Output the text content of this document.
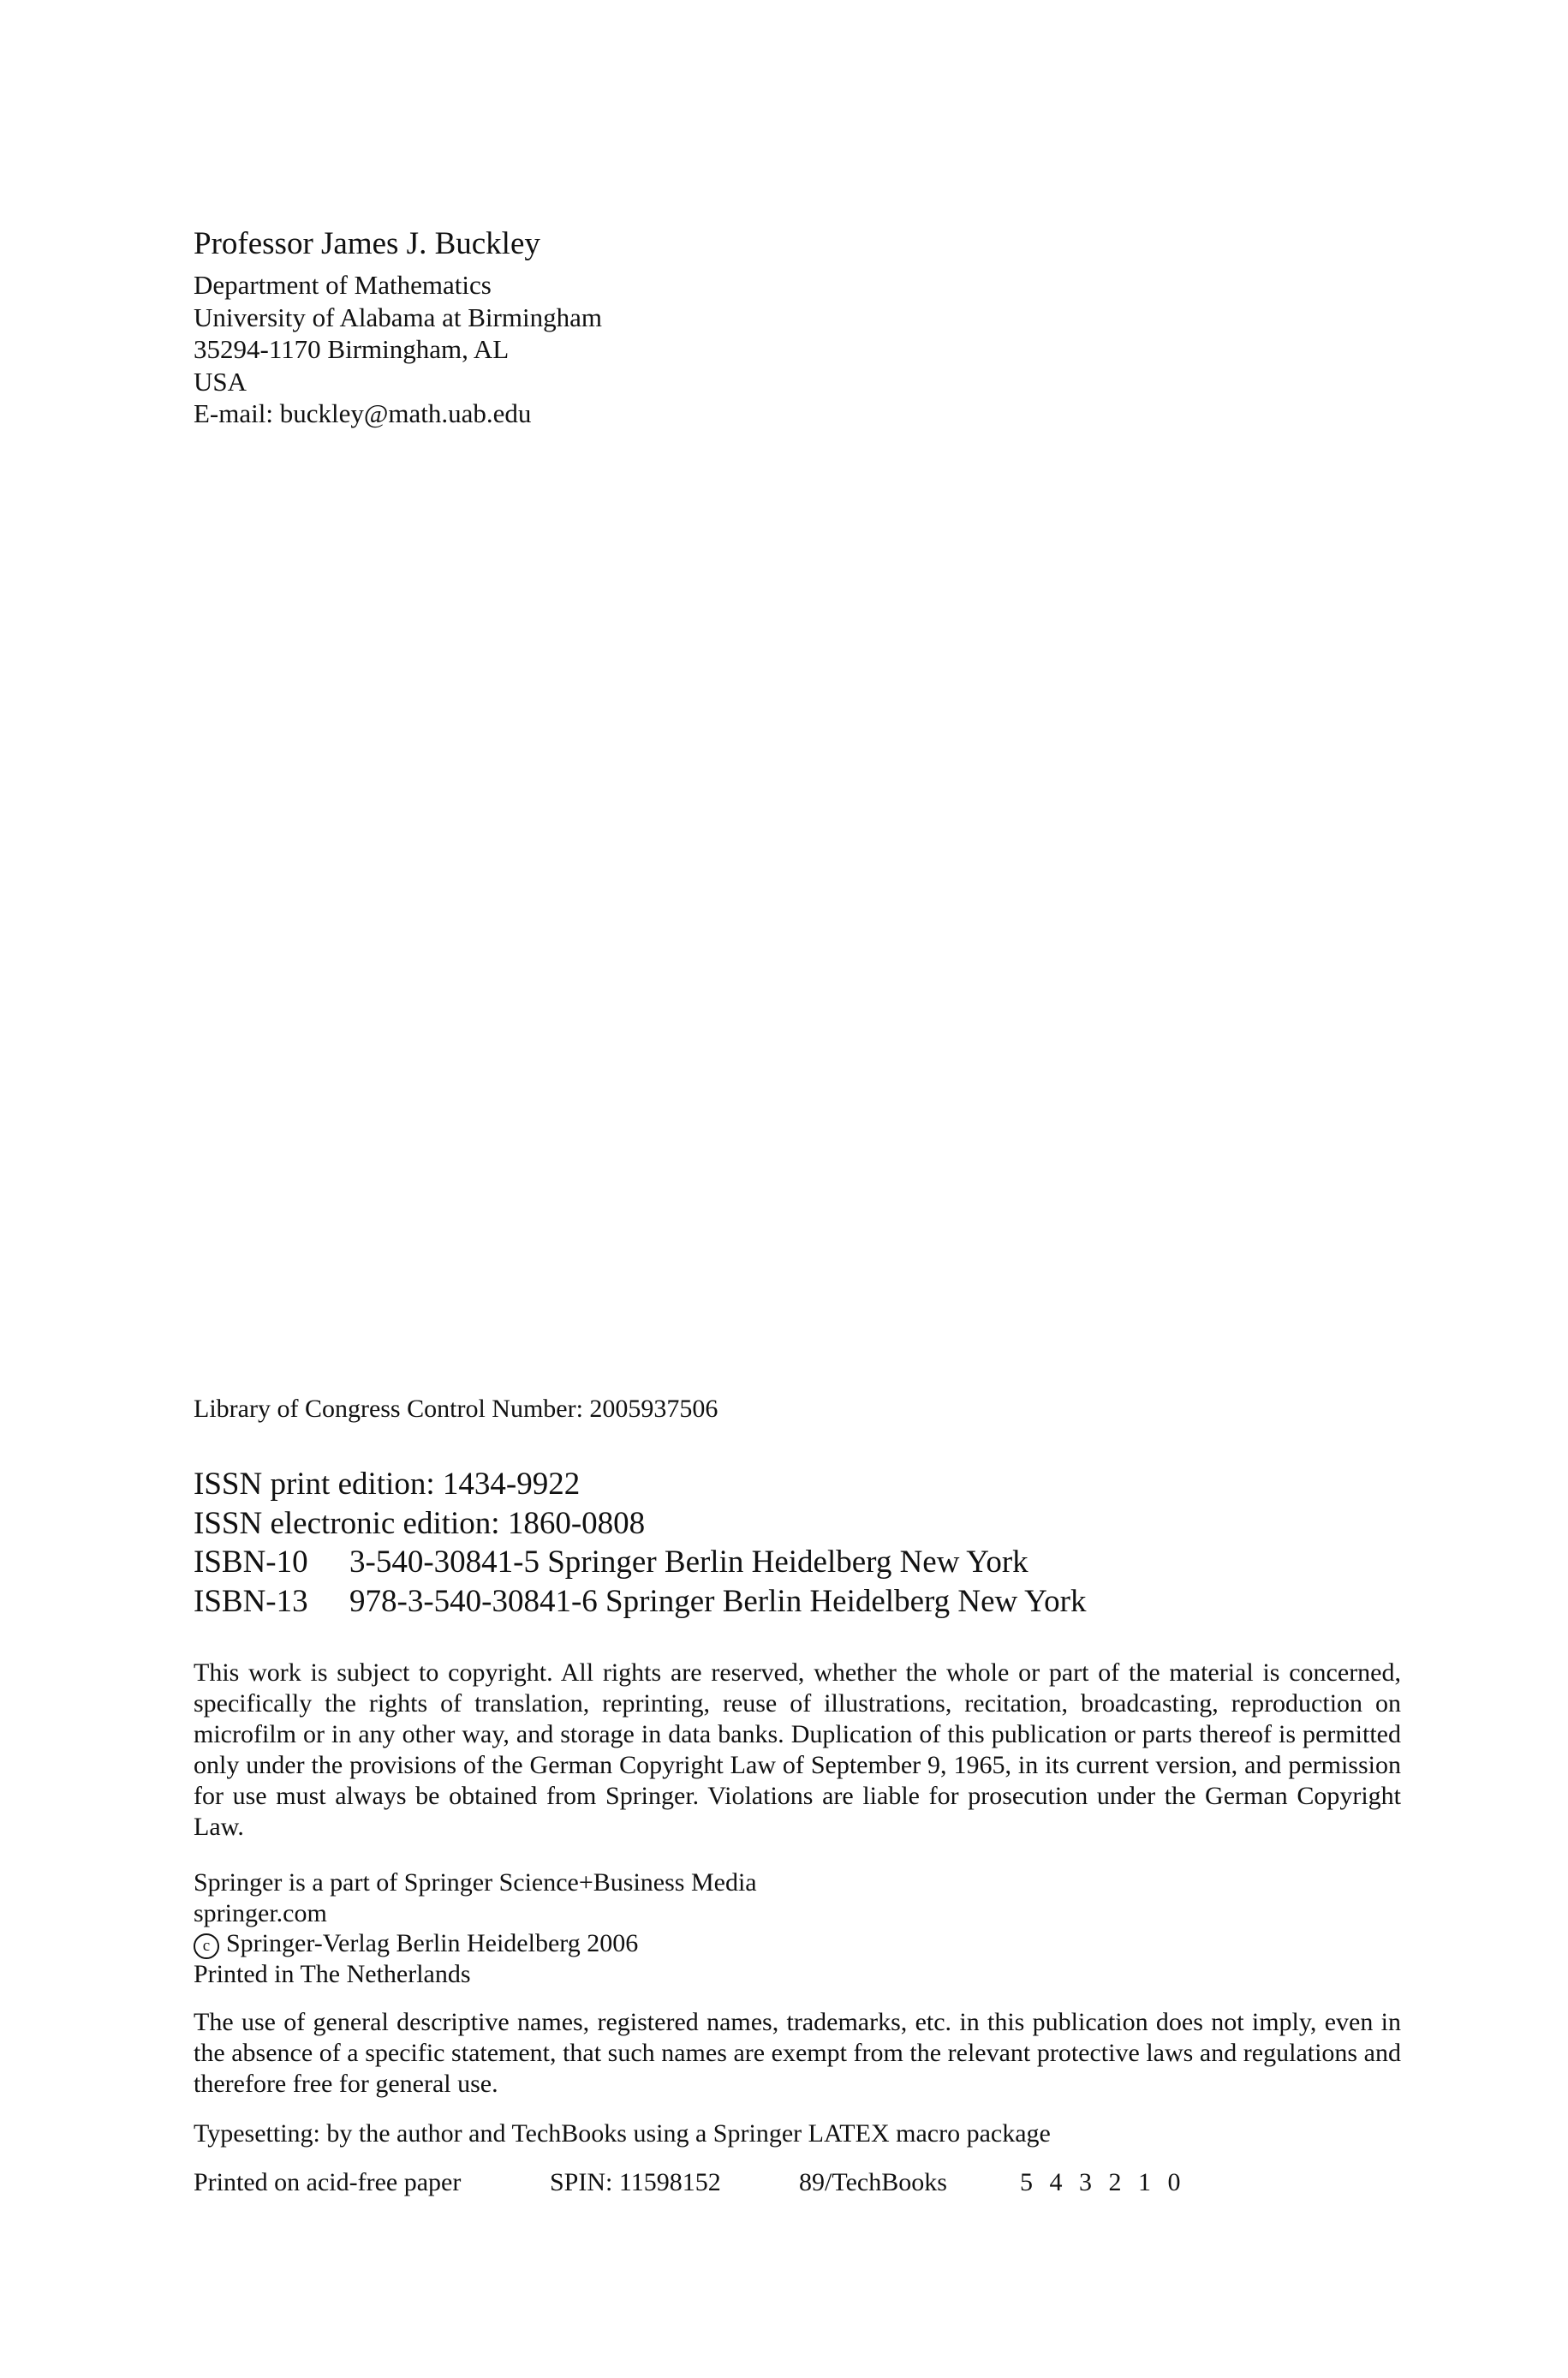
Professor James J. Buckley
Department of Mathematics
University of Alabama at Birmingham
35294-1170 Birmingham, AL
USA
E-mail: buckley@math.uab.edu
Library of Congress Control Number: 2005937506
ISSN print edition: 1434-9922
ISSN electronic edition: 1860-0808
ISBN-10 3-540-30841-5 Springer Berlin Heidelberg New York
ISBN-13 978-3-540-30841-6 Springer Berlin Heidelberg New York

This work is subject to copyright. All rights are reserved, whether the whole or part of the material is concerned, specifically the rights of translation, reprinting, reuse of illustrations, recitation, broadcasting, reproduction on microfilm or in any other way, and storage in data banks. Duplication of this publication or parts thereof is permitted only under the provisions of the German Copyright Law of September 9, 1965, in its current version, and permission for use must always be obtained from Springer. Violations are liable for prosecution under the German Copyright Law.

Springer is a part of Springer Science+Business Media
springer.com
c Springer-Verlag Berlin Heidelberg 2006
Printed in The Netherlands

The use of general descriptive names, registered names, trademarks, etc. in this publication does not imply, even in the absence of a specific statement, that such names are exempt from the relevant protective laws and regulations and therefore free for general use.

Typesetting: by the author and TechBooks using a Springer LATEX macro package
Printed on acid-free paper	SPIN: 11598152	89/TechBooks	5 4 3 2 1 0
